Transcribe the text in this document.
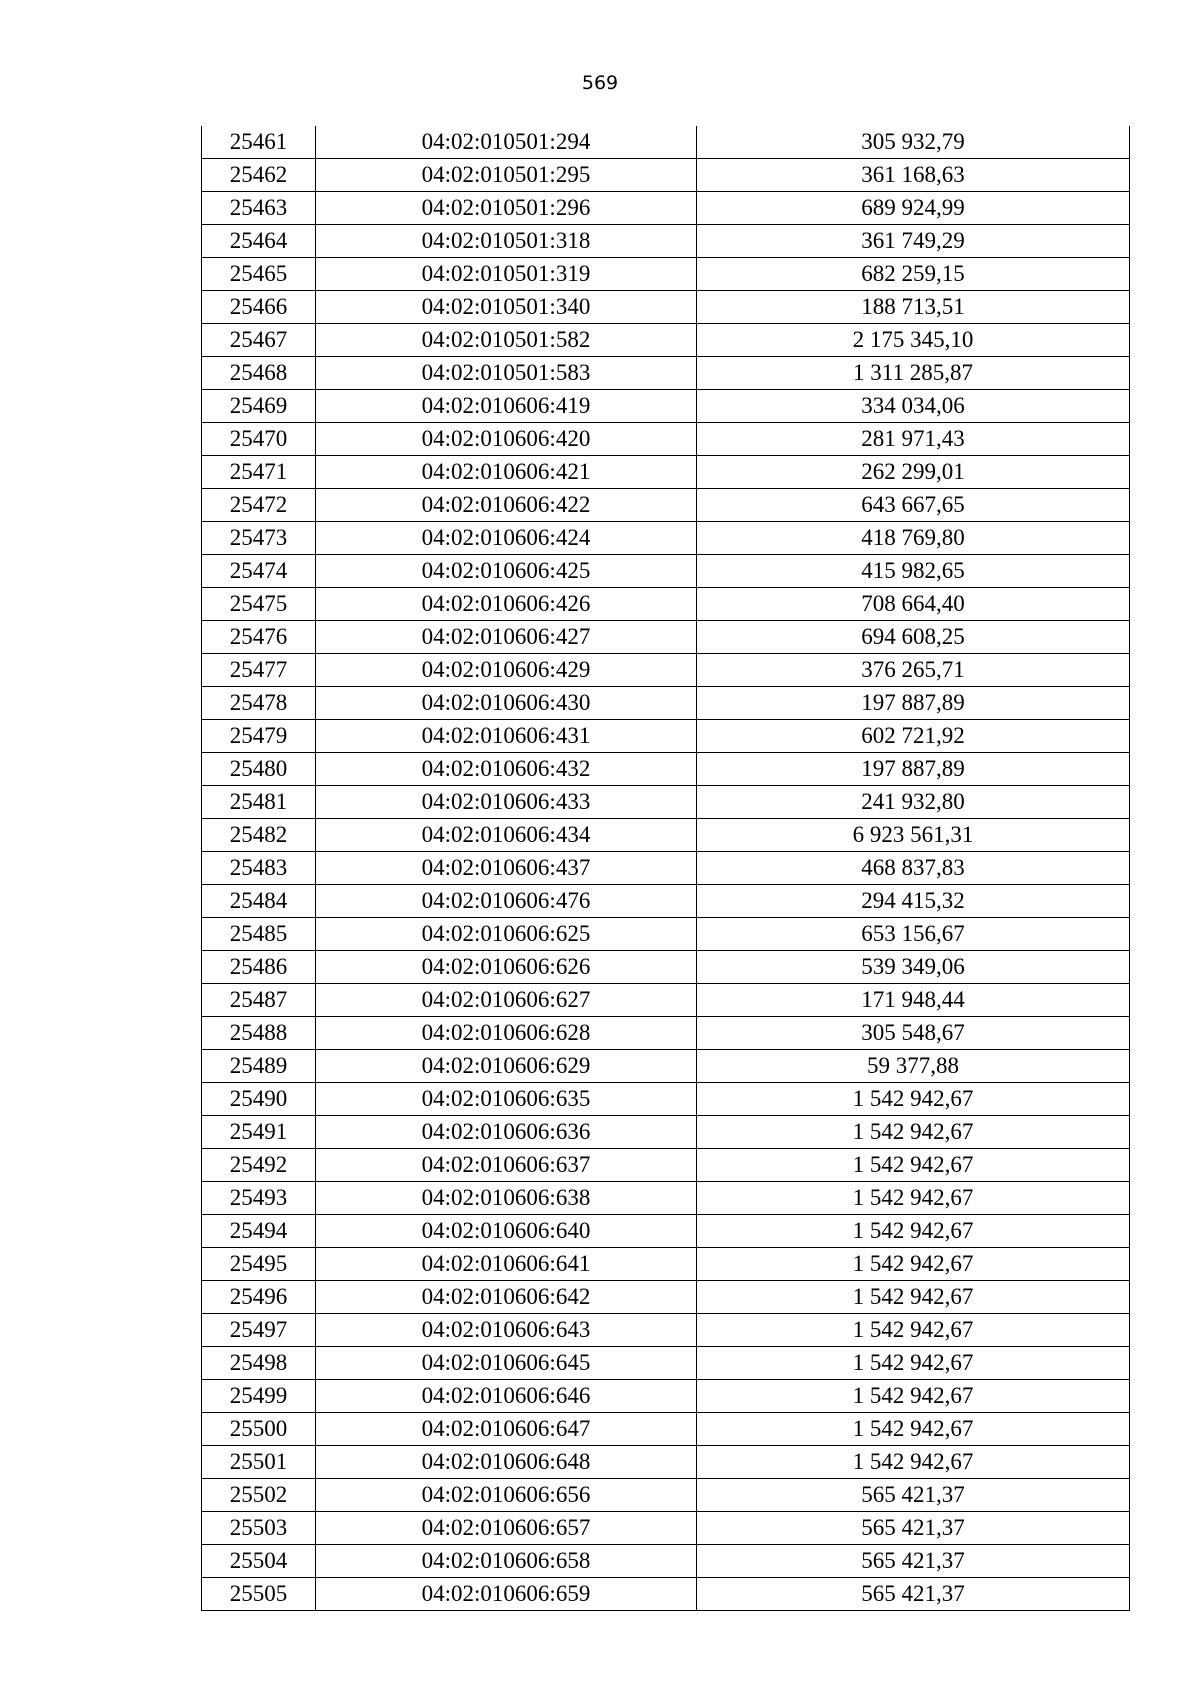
569
25461	04:02:010501:294	305 932,79
25462	04:02:010501:295	361 168,63
25463	04:02:010501:296	689 924,99
25464	04:02:010501:318	361 749,29
25465	04:02:010501:319	682 259,15
25466	04:02:010501:340	188 713,51
25467	04:02:010501:582	2 175 345,10
25468	04:02:010501:583	1 311 285,87
25469	04:02:010606:419	334 034,06
25470	04:02:010606:420	281 971,43
25471	04:02:010606:421	262 299,01
25472	04:02:010606:422	643 667,65
25473	04:02:010606:424	418 769,80
25474	04:02:010606:425	415 982,65
25475	04:02:010606:426	708 664,40
25476	04:02:010606:427	694 608,25
25477	04:02:010606:429	376 265,71
25478	04:02:010606:430	197 887,89
25479	04:02:010606:431	602 721,92
25480	04:02:010606:432	197 887,89
25481	04:02:010606:433	241 932,80
25482	04:02:010606:434	6 923 561,31
25483	04:02:010606:437	468 837,83
25484	04:02:010606:476	294 415,32
25485	04:02:010606:625	653 156,67
25486	04:02:010606:626	539 349,06
25487	04:02:010606:627	171 948,44
25488	04:02:010606:628	305 548,67
25489	04:02:010606:629	59 377,88
25490	04:02:010606:635	1 542 942,67
25491	04:02:010606:636	1 542 942,67
25492	04:02:010606:637	1 542 942,67
25493	04:02:010606:638	1 542 942,67
25494	04:02:010606:640	1 542 942,67
25495	04:02:010606:641	1 542 942,67
25496	04:02:010606:642	1 542 942,67
25497	04:02:010606:643	1 542 942,67
25498	04:02:010606:645	1 542 942,67
25499	04:02:010606:646	1 542 942,67
25500	04:02:010606:647	1 542 942,67
25501	04:02:010606:648	1 542 942,67
25502	04:02:010606:656	565 421,37
25503	04:02:010606:657	565 421,37
25504	04:02:010606:658	565 421,37
25505	04:02:010606:659	565 421,37
